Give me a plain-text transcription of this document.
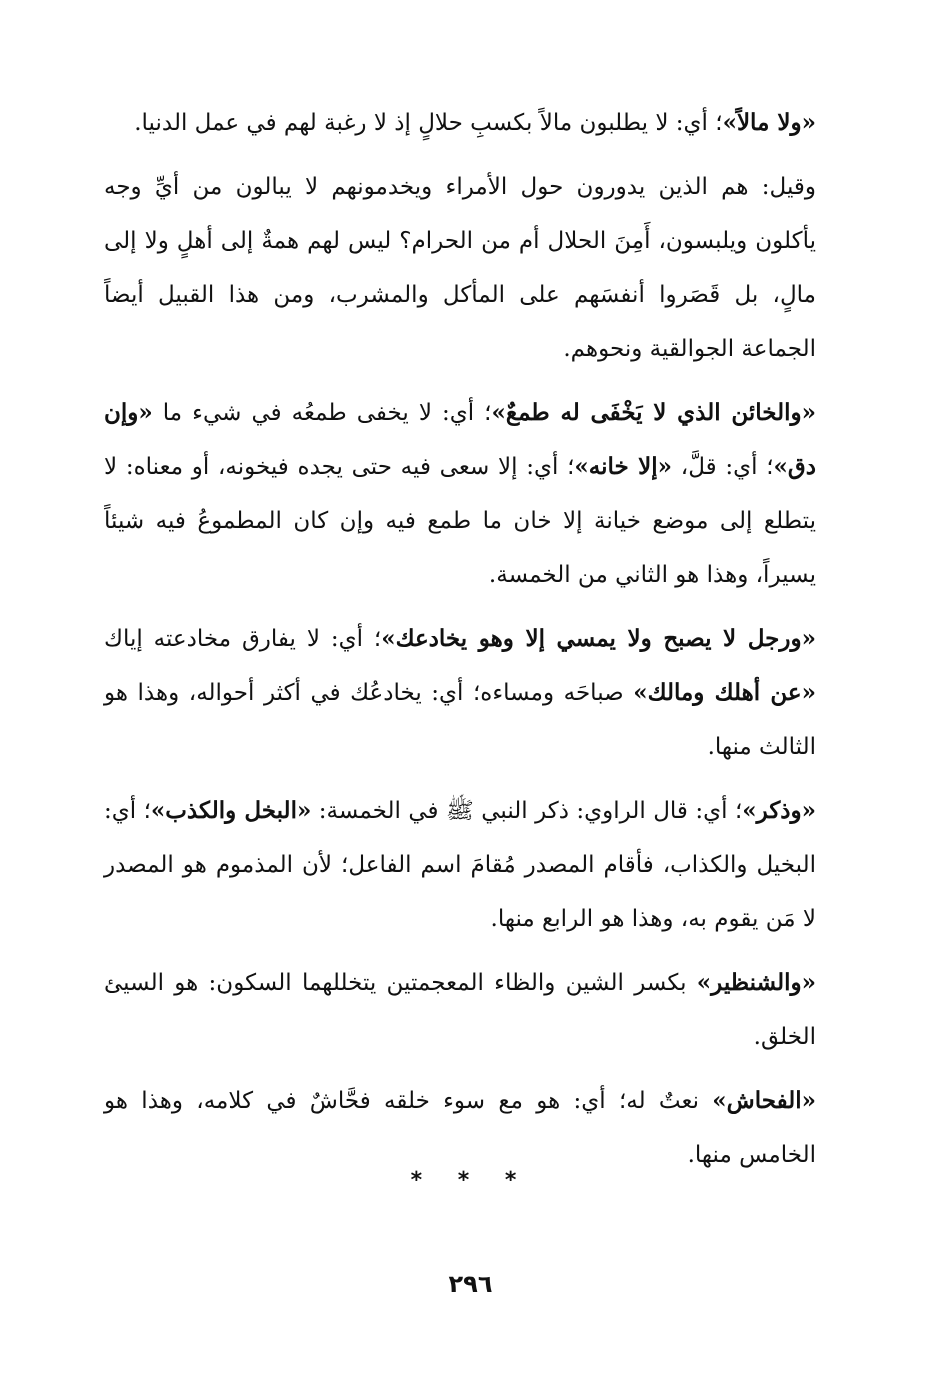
«ولا مالاً»؛ أي: لا يطلبون مالاً بكسبِ حلالٍ إذ لا رغبة لهم في عمل الدنيا.

وقيل: هم الذين يدورون حول الأمراء ويخدمونهم لا يبالون من أيِّ وجه يأكلون ويلبسون، أَمِنَ الحلال أم من الحرام؟ ليس لهم همةٌ إلى أهلٍ ولا إلى مالٍ، بل قَصَروا أنفسَهم على المأكل والمشرب، ومن هذا القبيل أيضاً الجماعة الجوالقية ونحوهم.

«والخائن الذي لا يَخْفَى له طمعٌ»؛ أي: لا يخفى طمعُه في شيء ما «وإن دق»؛ أي: قلَّ، «إلا خانه»؛ أي: إلا سعى فيه حتى يجده فيخونه، أو معناه: لا يتطلع إلى موضع خيانة إلا خان ما طمع فيه وإن كان المطموعُ فيه شيئاً يسيراً، وهذا هو الثاني من الخمسة.

«ورجل لا يصبح ولا يمسي إلا وهو يخادعك»؛ أي: لا يفارق مخادعته إياك «عن أهلك ومالك» صباحَه ومساءه؛ أي: يخادعُك في أكثر أحواله، وهذا هو الثالث منها.

«وذكر»؛ أي: قال الراوي: ذكر النبي ﷺ في الخمسة: «البخل والكذب»؛ أي: البخيل والكذاب، فأقام المصدر مُقامَ اسم الفاعل؛ لأن المذموم هو المصدر لا مَن يقوم به، وهذا هو الرابع منها.

«والشنظير» بكسر الشين والظاء المعجمتين يتخللهما السكون: هو السيئ الخلق.

«الفحاش» نعتٌ له؛ أي: هو مع سوء خلقه فحَّاشٌ في كلامه، وهذا هو الخامس منها.

* * *
٢٩٦
